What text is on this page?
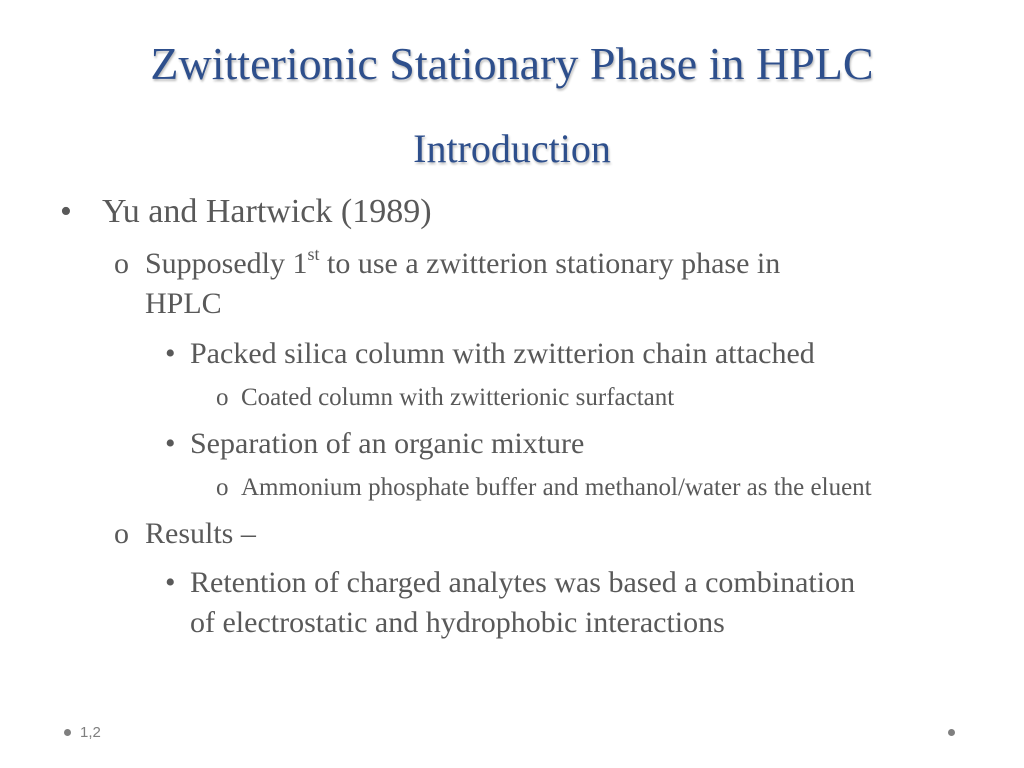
Zwitterionic Stationary Phase in HPLC
Introduction
• Yu and Hartwick (1989)
o Supposedly 1st to use a zwitterion stationary phase in
HPLC
• Packed silica column with zwitterion chain attached
o Coated column with zwitterionic surfactant
• Separation of an organic mixture
o Ammonium phosphate buffer and methanol/water as the eluent
o Results –
• Retention of charged analytes was based a combination
of electrostatic and hydrophobic interactions
1,2
